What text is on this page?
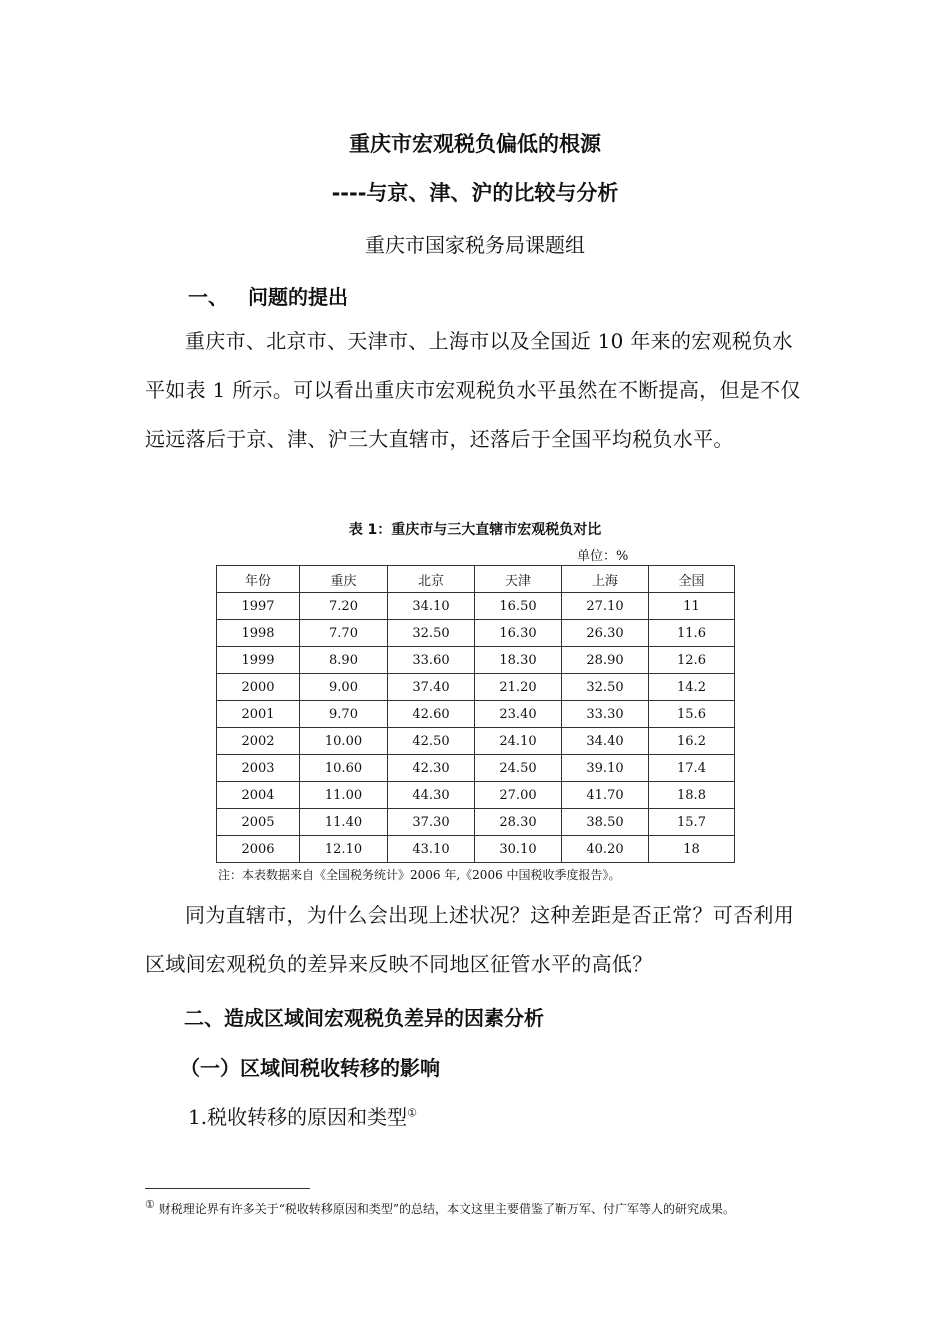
重庆市宏观税负偏低的根源
----与京、津、沪的比较与分析
重庆市国家税务局课题组
一、 问题的提出
重庆市、北京市、天津市、上海市以及全国近 10 年来的宏观税负水平如表 1 所示。可以看出重庆市宏观税负水平虽然在不断提高，但是不仅远远落后于京、津、沪三大直辖市，还落后于全国平均税负水平。
表 1：重庆市与三大直辖市宏观税负对比
单位：%
年份	重庆	北京	天津	上海	全国
1997	7.20	34.10	16.50	27.10	11
1998	7.70	32.50	16.30	26.30	11.6
1999	8.90	33.60	18.30	28.90	12.6
2000	9.00	37.40	21.20	32.50	14.2
2001	9.70	42.60	23.40	33.30	15.6
2002	10.00	42.50	24.10	34.40	16.2
2003	10.60	42.30	24.50	39.10	17.4
2004	11.00	44.30	27.00	41.70	18.8
2005	11.40	37.30	28.30	38.50	15.7
2006	12.10	43.10	30.10	40.20	18
注：本表数据来自《全国税务统计》2006 年,《2006 中国税收季度报告》。
同为直辖市，为什么会出现上述状况？这种差距是否正常？可否利用区域间宏观税负的差异来反映不同地区征管水平的高低？
二、造成区域间宏观税负差异的因素分析
（一）区域间税收转移的影响
1.税收转移的原因和类型①
① 财税理论界有许多关于“税收转移原因和类型”的总结，本文这里主要借鉴了靳万军、付广军等人的研究成果。
